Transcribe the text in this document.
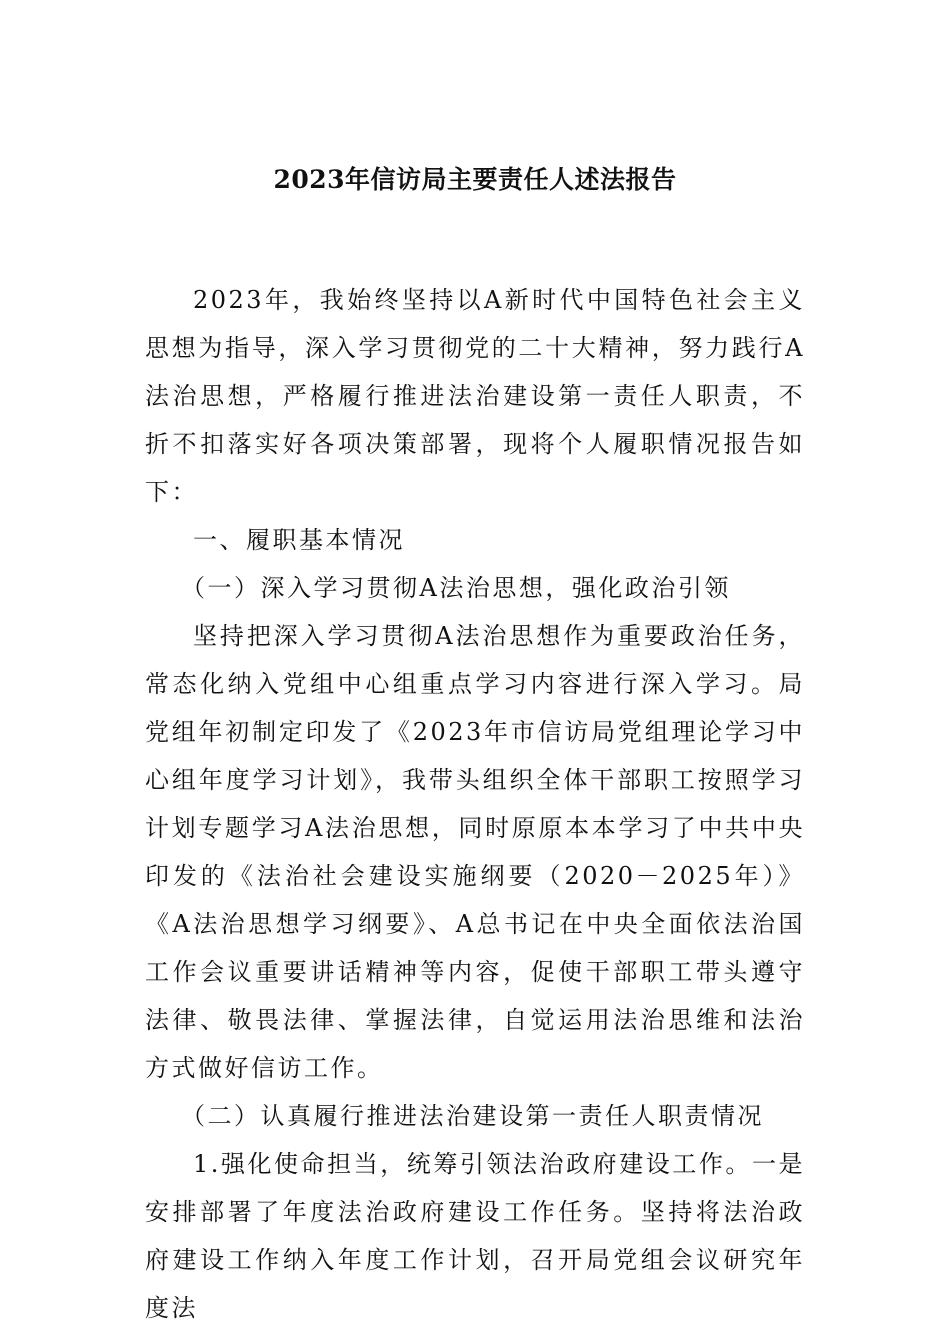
2023年信访局主要责任人述法报告

2023年，我始终坚持以A新时代中国特色社会主义思想为指导，深入学习贯彻党的二十大精神，努力践行A法治思想，严格履行推进法治建设第一责任人职责，不折不扣落实好各项决策部署，现将个人履职情况报告如下：

一、履职基本情况

（一）深入学习贯彻A法治思想，强化政治引领

坚持把深入学习贯彻A法治思想作为重要政治任务，常态化纳入党组中心组重点学习内容进行深入学习。局党组年初制定印发了《2023年市信访局党组理论学习中心组年度学习计划》，我带头组织全体干部职工按照学习计划专题学习A法治思想，同时原原本本学习了中共中央印发的《法治社会建设实施纲要（2020－2025年）》《A法治思想学习纲要》、A总书记在中央全面依法治国工作会议重要讲话精神等内容，促使干部职工带头遵守法律、敬畏法律、掌握法律，自觉运用法治思维和法治方式做好信访工作。

（二）认真履行推进法治建设第一责任人职责情况

1.强化使命担当，统筹引领法治政府建设工作。一是安排部署了年度法治政府建设工作任务。坚持将法治政府建设工作纳入年度工作计划，召开局党组会议研究年度法
